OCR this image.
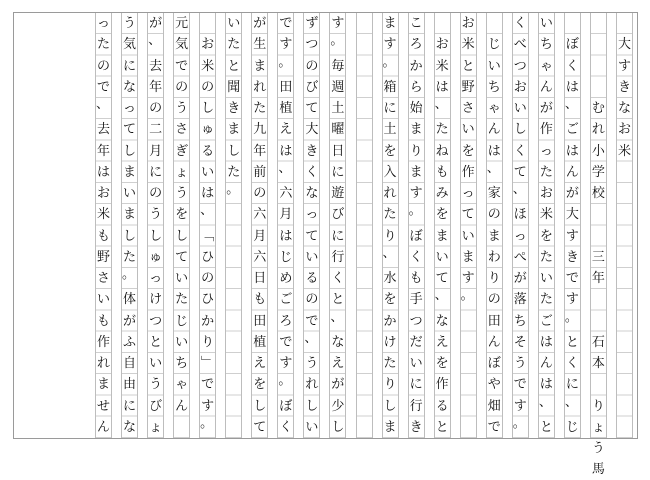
大
す
き
な
お
米

む
れ
小
学
校

三
年

石
本

り
ょ
う
馬

ぼ
く
は
、
ご
は
ん
が
大
す
き
で
す
。
と
く
に
、
じ
い
ち
ゃ
ん
が
作
っ
た
お
米
を
た
い
た
ご
は
ん
は
、
と
く
べ
つ
お
い
し
く
て
、
ほ
っ
ぺ
が
落
ち
そ
う
で
す
。

じ
い
ち
ゃ
ん
は
、
家
の
ま
わ
り
の
田
ん
ぼ
や
畑
で
お
米
と
野
さ
い
を
作
っ
て
い
ま
す
。

お
米
は
、
た
ね
も
み
を
ま
い
て
、
な
え
を
作
る
と
こ
ろ
か
ら
始
ま
り
ま
す
。
ぼ
く
も
手
つ
だ
い
に
行
き
ま
す
。
箱
に
土
を
入
れ
た
り
、
水
を
か
け
た
り
し
ま
す
。
毎
週
土
曜
日
に
遊
び
に
行
く
と
、
な
え
が
少
し
ず
つ
の
び
て
大
き
く
な
っ
て
い
る
の
で
、
う
れ
し
い
で
す
。
田
植
え
は
、
六
月
は
じ
め
ご
ろ
で
す
。
ぼ
く
が
生
ま
れ
た
九
年
前
の
六
月
六
日
も
田
植
え
を
し
て
い
た
と
聞
き
ま
し
た
。

お
米
の
し
ゅ
る
い
は
、
﹁
ひ
の
ひ
か
り
﹂
で
す
。
元
気
で
の
う
さ
ぎ
ょ
う
を
し
て
い
た
じ
い
ち
ゃ
ん
が
、
去
年
の
二
月
に
の
う
し
ゅ
っ
け
つ
と
い
う
び
ょ
う
気
に
な
っ
て
し
ま
い
ま
し
た
。
体
が
ふ
自
由
に
な
っ
た
の
で
、
去
年
は
お
米
も
野
さ
い
も
作
れ
ま
せ
ん
